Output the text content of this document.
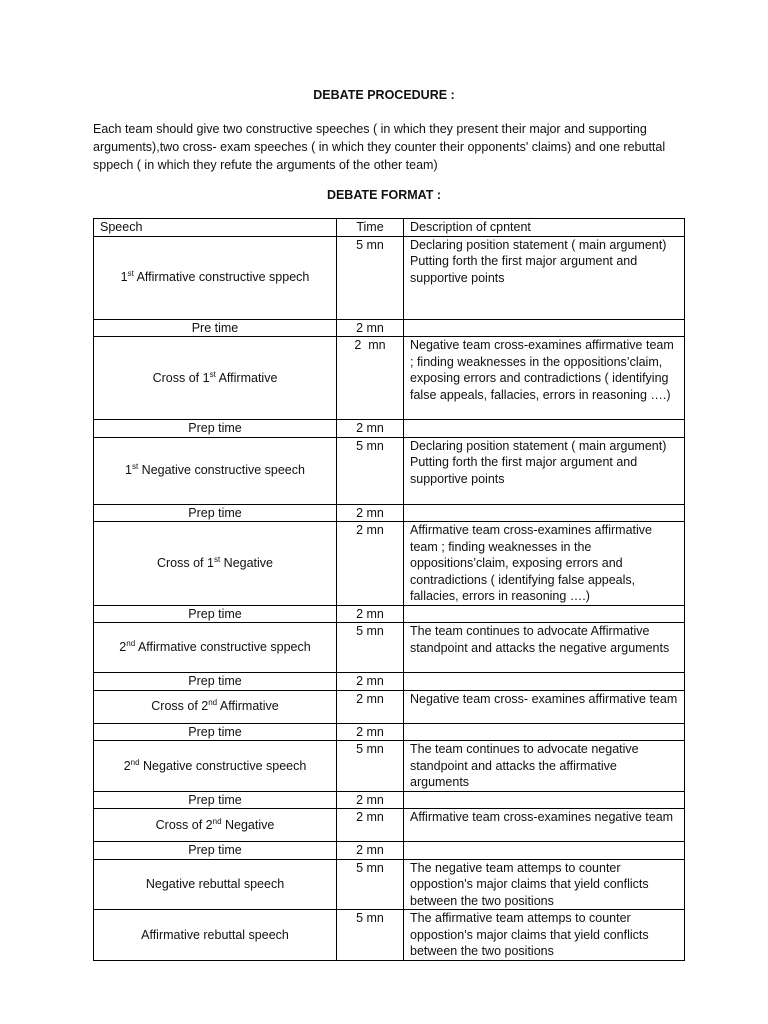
DEBATE PROCEDURE :
Each team should give two constructive speeches ( in which they present their major and supporting arguments),two cross- exam speeches ( in which they counter their opponents' claims) and one rebuttal sppech ( in which they refute the arguments of the other team)
DEBATE FORMAT :
Speech	Time	Description of cpntent
1st Affirmative constructive sppech	5 mn	Declaring position statement ( main argument)
Putting forth the first major argument and supportive points
Pre time	2 mn	
Cross of 1st Affirmative	2  mn	Negative team cross-examines affirmative team ; finding weaknesses in the oppositions’claim, exposing errors and contradictions ( identifying false appeals, fallacies, errors in reasoning ….)
Prep time	2 mn	
1st Negative constructive speech	5 mn	Declaring position statement ( main argument)
Putting forth the first major argument and supportive points
Prep time	2 mn	
Cross of 1st Negative	2 mn	Affirmative team cross-examines affirmative team ; finding weaknesses in the oppositions’claim, exposing errors and contradictions ( identifying false appeals, fallacies, errors in reasoning ….)
Prep time	2 mn	
2nd Affirmative constructive sppech	5 mn	The team continues to advocate Affirmative standpoint and attacks the negative arguments
Prep time	2 mn	
Cross of 2nd Affirmative	2 mn	Negative team cross- examines affirmative team
Prep time	2 mn	
2nd Negative constructive speech	5 mn	The team continues to advocate negative standpoint and attacks the affirmative arguments
Prep time	2 mn	
Cross of 2nd Negative	2 mn	Affirmative team cross-examines negative team
Prep time	2 mn	
Negative rebuttal speech	5 mn	The negative team attemps to counter oppostion's major claims that yield conflicts between the two positions
Affirmative rebuttal speech	5 mn	The affirmative team attemps to counter oppostion's major claims that yield conflicts between the two positions
